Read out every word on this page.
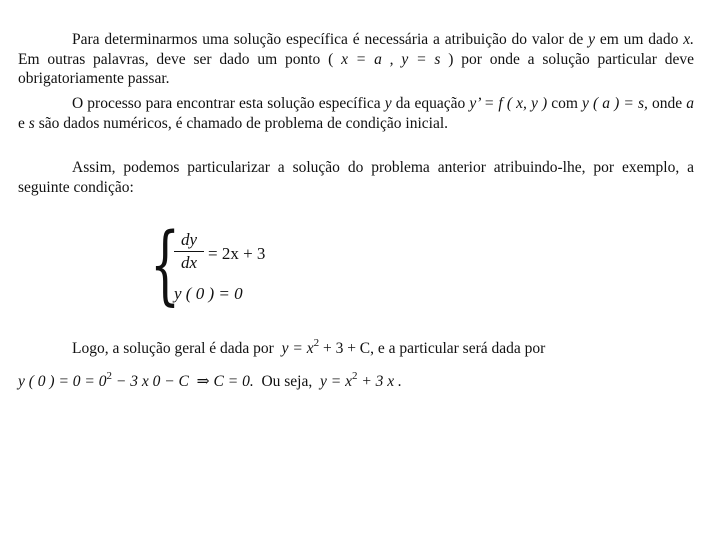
Para determinarmos uma solução específica é necessária a atribuição do valor de y em um dado x. Em outras palavras, deve ser dado um ponto ( x = a , y = s ) por onde a solução particular deve obrigatoriamente passar.

O processo para encontrar esta solução específica y da equação y’ = f ( x, y ) com y ( a ) = s, onde a e s são dados numéricos, é chamado de problema de condição inicial.

Assim, podemos particularizar a solução do problema anterior atribuindo-lhe, por exemplo, a seguinte condição:

{ dy
dx = 2x + 3
y ( 0 ) = 0
Logo, a solução geral é dada por $y = x^2 + 3 + C$, e a particular será dada por
y ( 0 ) = $0 = 0^2 - 3$ x 0 − C ⇒ C = 0. Ou seja, $y = x^2 + 3$ x .
